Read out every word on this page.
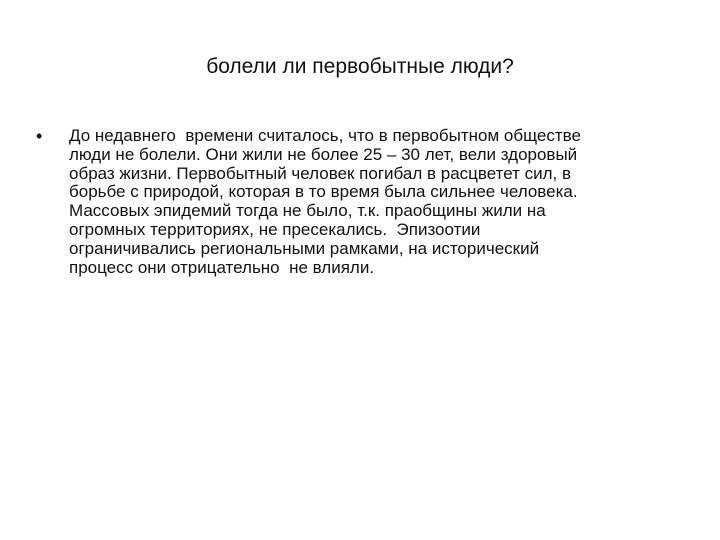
болели ли первобытные люди?
•	До недавнего  времени считалось, что в первобытном обществе
люди не болели. Они жили не более 25 – 30 лет, вели здоровый
образ жизни. Первобытный человек погибал в расцветет сил, в
борьбе с природой, которая в то время была сильнее человека.
Массовых эпидемий тогда не было, т.к. праобщины жили на
огромных территориях, не пресекались.  Эпизоотии
ограничивались региональными рамками, на исторический
процесс они отрицательно  не влияли.
